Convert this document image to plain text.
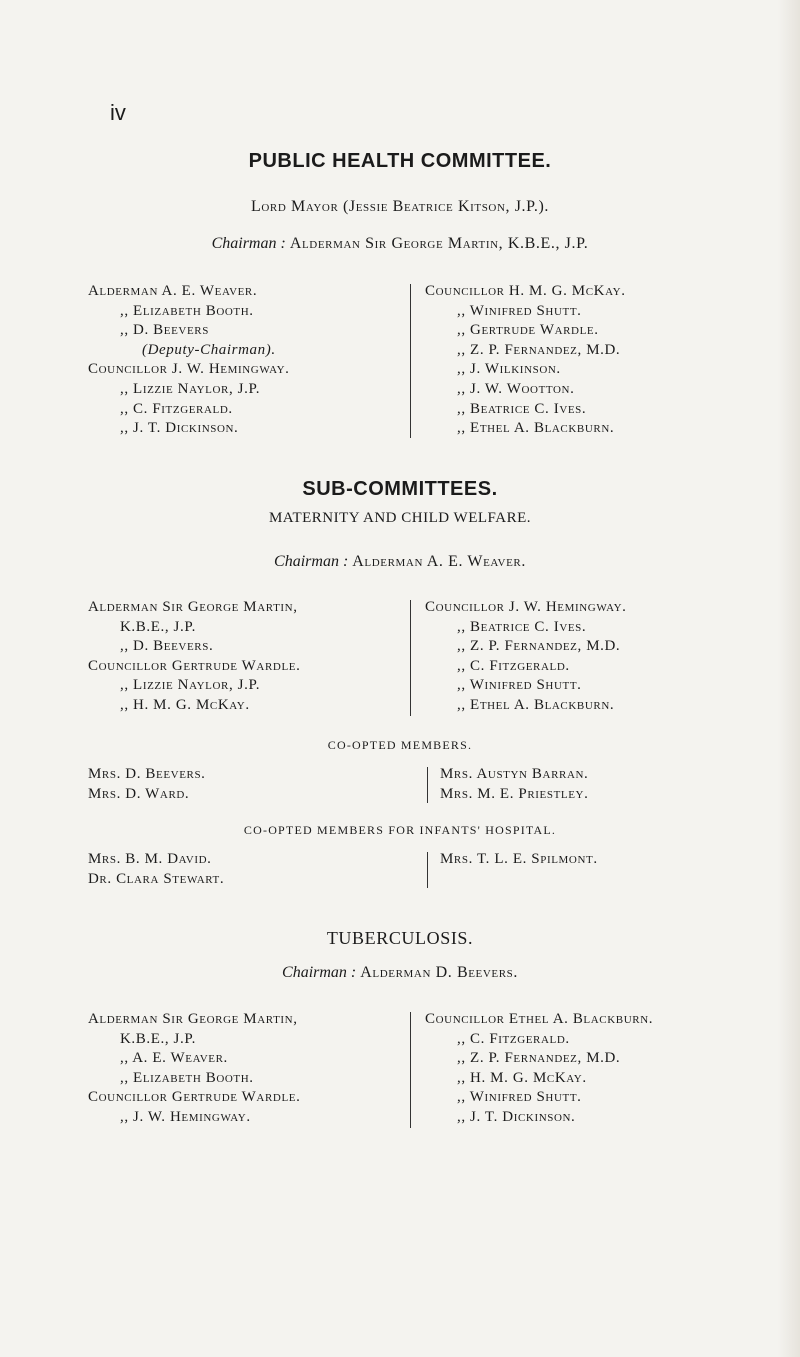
iv
PUBLIC HEALTH COMMITTEE.
Lord Mayor (Jessie Beatrice Kitson, J.P.).
Chairman : Alderman Sir George Martin, K.B.E., J.P.
Alderman A. E. Weaver.
,, Elizabeth Booth.
,, D. Beevers
(Deputy-Chairman).
Councillor J. W. Hemingway.
,, Lizzie Naylor, J.P.
,, C. Fitzgerald.
,, J. T. Dickinson.
Councillor H. M. G. McKay.
,, Winifred Shutt.
,, Gertrude Wardle.
,, Z. P. Fernandez, M.D.
,, J. Wilkinson.
,, J. W. Wootton.
,, Beatrice C. Ives.
,, Ethel A. Blackburn.
SUB-COMMITTEES.
MATERNITY AND CHILD WELFARE.
Chairman : Alderman A. E. Weaver.
Alderman Sir George Martin,
K.B.E., J.P.
,, D. Beevers.
Councillor Gertrude Wardle.
,, Lizzie Naylor, J.P.
,, H. M. G. McKay.
Councillor J. W. Hemingway.
,, Beatrice C. Ives.
,, Z. P. Fernandez, M.D.
,, C. Fitzgerald.
,, Winifred Shutt.
,, Ethel A. Blackburn.
CO-OPTED MEMBERS.
Mrs. D. Beevers.
Mrs. D. Ward.
Mrs. Austyn Barran.
Mrs. M. E. Priestley.
CO-OPTED MEMBERS FOR INFANTS' HOSPITAL.
Mrs. B. M. David.
Dr. Clara Stewart.
Mrs. T. L. E. Spilmont.
TUBERCULOSIS.
Chairman : Alderman D. Beevers.
Alderman Sir George Martin,
K.B.E., J.P.
,, A. E. Weaver.
,, Elizabeth Booth.
Councillor Gertrude Wardle.
,, J. W. Hemingway.
Councillor Ethel A. Blackburn.
,, C. Fitzgerald.
,, Z. P. Fernandez, M.D.
,, H. M. G. McKay.
,, Winifred Shutt.
,, J. T. Dickinson.
